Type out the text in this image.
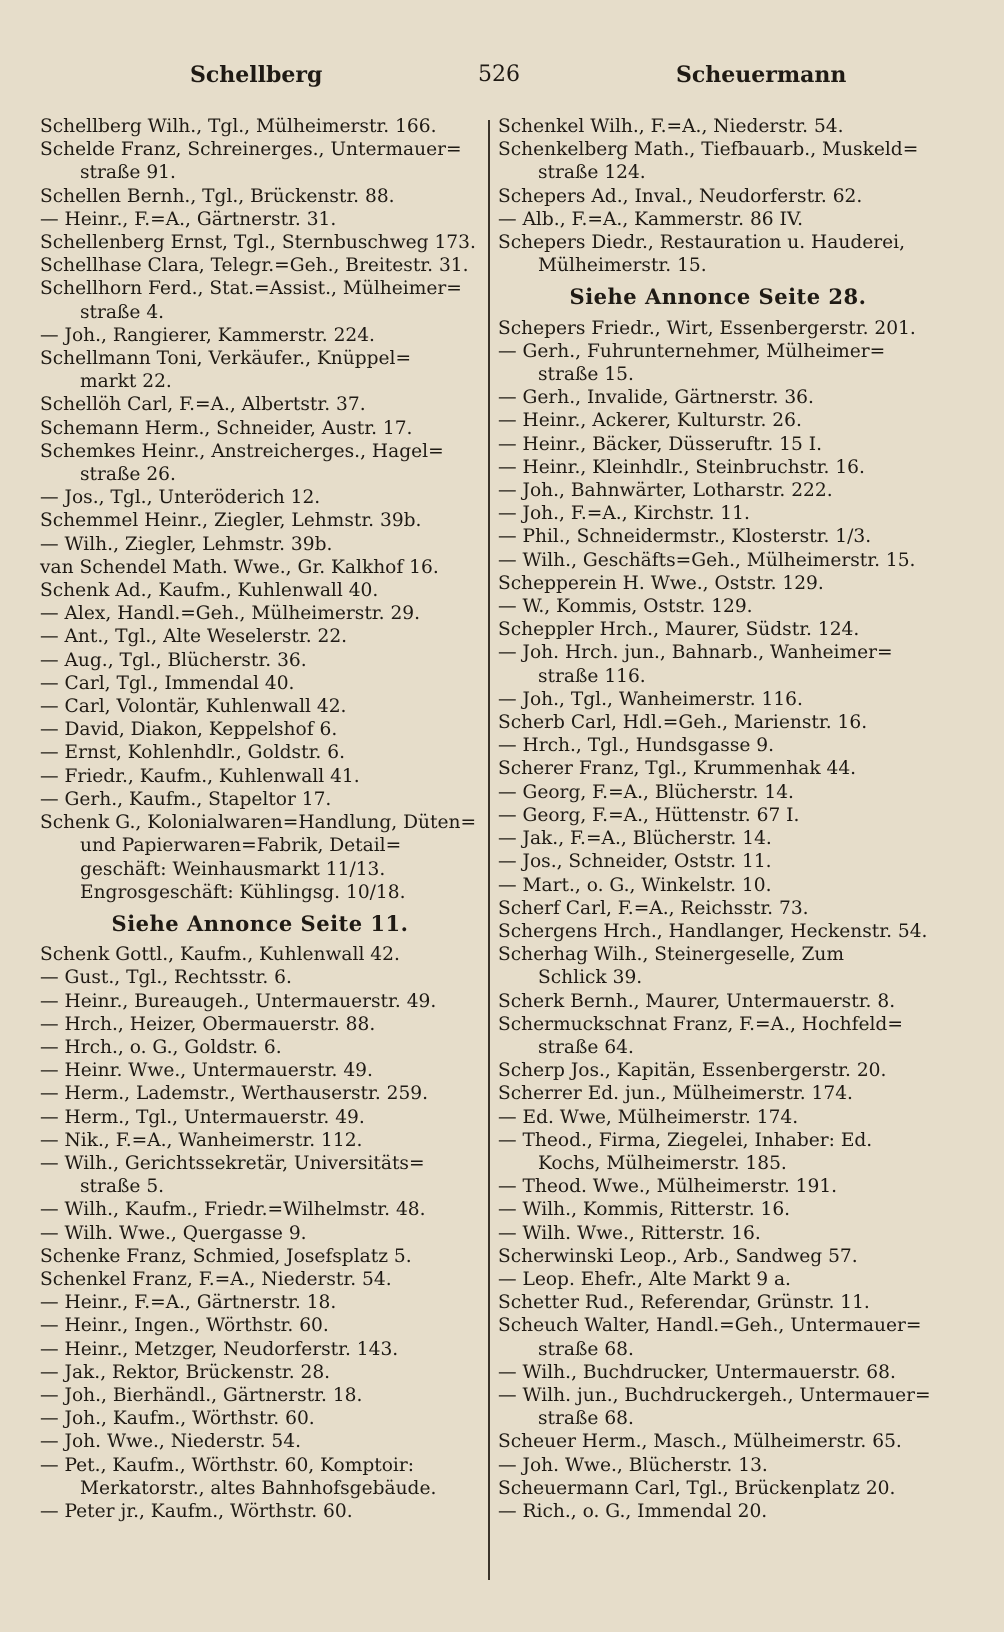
Schellberg	526	Scheuermann
Schellberg Wilh., Tgl., Mülheimerstr. 166.
Schelde Franz, Schreinerges., Untermauer=
straße 91.
Schellen Bernh., Tgl., Brückenstr. 88.
— Heinr., F.=A., Gärtnerstr. 31.
Schellenberg Ernst, Tgl., Sternbuschweg 173.
Schellhase Clara, Telegr.=Geh., Breitestr. 31.
Schellhorn Ferd., Stat.=Assist., Mülheimer=
straße 4.
— Joh., Rangierer, Kammerstr. 224.
Schellmann Toni, Verkäufer., Knüppel=
markt 22.
Schellöh Carl, F.=A., Albertstr. 37.
Schemann Herm., Schneider, Austr. 17.
Schemkes Heinr., Anstreicherges., Hagel=
straße 26.
— Jos., Tgl., Unteröderich 12.
Schemmel Heinr., Ziegler, Lehmstr. 39b.
— Wilh., Ziegler, Lehmstr. 39b.
van Schendel Math. Wwe., Gr. Kalkhof 16.
Schenk Ad., Kaufm., Kuhlenwall 40.
— Alex, Handl.=Geh., Mülheimerstr. 29.
— Ant., Tgl., Alte Weselerstr. 22.
— Aug., Tgl., Blücherstr. 36.
— Carl, Tgl., Immendal 40.
— Carl, Volontär, Kuhlenwall 42.
— David, Diakon, Keppelshof 6.
— Ernst, Kohlenhdlr., Goldstr. 6.
— Friedr., Kaufm., Kuhlenwall 41.
— Gerh., Kaufm., Stapeltor 17.
Schenk G., Kolonialwaren=Handlung, Düten=
und Papierwaren=Fabrik, Detail=
geschäft: Weinhausmarkt 11/13.
Engrosgeschäft: Kühlingsg. 10/18.
Siehe Annonce Seite 11.
Schenk Gottl., Kaufm., Kuhlenwall 42.
— Gust., Tgl., Rechtsstr. 6.
— Heinr., Bureaugeh., Untermauerstr. 49.
— Hrch., Heizer, Obermauerstr. 88.
— Hrch., o. G., Goldstr. 6.
— Heinr. Wwe., Untermauerstr. 49.
— Herm., Lademstr., Werthauserstr. 259.
— Herm., Tgl., Untermauerstr. 49.
— Nik., F.=A., Wanheimerstr. 112.
— Wilh., Gerichtssekretär, Universitäts=
straße 5.
— Wilh., Kaufm., Friedr.=Wilhelmstr. 48.
— Wilh. Wwe., Quergasse 9.
Schenke Franz, Schmied, Josefsplatz 5.
Schenkel Franz, F.=A., Niederstr. 54.
— Heinr., F.=A., Gärtnerstr. 18.
— Heinr., Ingen., Wörthstr. 60.
— Heinr., Metzger, Neudorferstr. 143.
— Jak., Rektor, Brückenstr. 28.
— Joh., Bierhändl., Gärtnerstr. 18.
— Joh., Kaufm., Wörthstr. 60.
— Joh. Wwe., Niederstr. 54.
— Pet., Kaufm., Wörthstr. 60, Komptoir:
Merkatorstr., altes Bahnhofsgebäude.
— Peter jr., Kaufm., Wörthstr. 60.
Schenkel Wilh., F.=A., Niederstr. 54.
Schenkelberg Math., Tiefbauarb., Muskeld=
straße 124.
Schepers Ad., Inval., Neudorferstr. 62.
— Alb., F.=A., Kammerstr. 86 IV.
Schepers Diedr., Restauration u. Hauderei,
Mülheimerstr. 15.
Siehe Annonce Seite 28.
Schepers Friedr., Wirt, Essenbergerstr. 201.
— Gerh., Fuhrunternehmer, Mülheimer=
straße 15.
— Gerh., Invalide, Gärtnerstr. 36.
— Heinr., Ackerer, Kulturstr. 26.
— Heinr., Bäcker, Düsseruftr. 15 I.
— Heinr., Kleinhdlr., Steinbruchstr. 16.
— Joh., Bahnwärter, Lotharstr. 222.
— Joh., F.=A., Kirchstr. 11.
— Phil., Schneidermstr., Klosterstr. 1/3.
— Wilh., Geschäfts=Geh., Mülheimerstr. 15.
Schepperein H. Wwe., Oststr. 129.
— W., Kommis, Oststr. 129.
Scheppler Hrch., Maurer, Südstr. 124.
— Joh. Hrch. jun., Bahnarb., Wanheimer=
straße 116.
— Joh., Tgl., Wanheimerstr. 116.
Scherb Carl, Hdl.=Geh., Marienstr. 16.
— Hrch., Tgl., Hundsgasse 9.
Scherer Franz, Tgl., Krummenhak 44.
— Georg, F.=A., Blücherstr. 14.
— Georg, F.=A., Hüttenstr. 67 I.
— Jak., F.=A., Blücherstr. 14.
— Jos., Schneider, Oststr. 11.
— Mart., o. G., Winkelstr. 10.
Scherf Carl, F.=A., Reichsstr. 73.
Schergens Hrch., Handlanger, Heckenstr. 54.
Scherhag Wilh., Steinergeselle, Zum
Schlick 39.
Scherk Bernh., Maurer, Untermauerstr. 8.
Schermuckschnat Franz, F.=A., Hochfeld=
straße 64.
Scherp Jos., Kapitän, Essenbergerstr. 20.
Scherrer Ed. jun., Mülheimerstr. 174.
— Ed. Wwe, Mülheimerstr. 174.
— Theod., Firma, Ziegelei, Inhaber: Ed.
Kochs, Mülheimerstr. 185.
— Theod. Wwe., Mülheimerstr. 191.
— Wilh., Kommis, Ritterstr. 16.
— Wilh. Wwe., Ritterstr. 16.
Scherwinski Leop., Arb., Sandweg 57.
— Leop. Ehefr., Alte Markt 9 a.
Schetter Rud., Referendar, Grünstr. 11.
Scheuch Walter, Handl.=Geh., Untermauer=
straße 68.
— Wilh., Buchdrucker, Untermauerstr. 68.
— Wilh. jun., Buchdruckergeh., Untermauer=
straße 68.
Scheuer Herm., Masch., Mülheimerstr. 65.
— Joh. Wwe., Blücherstr. 13.
Scheuermann Carl, Tgl., Brückenplatz 20.
— Rich., o. G., Immendal 20.
